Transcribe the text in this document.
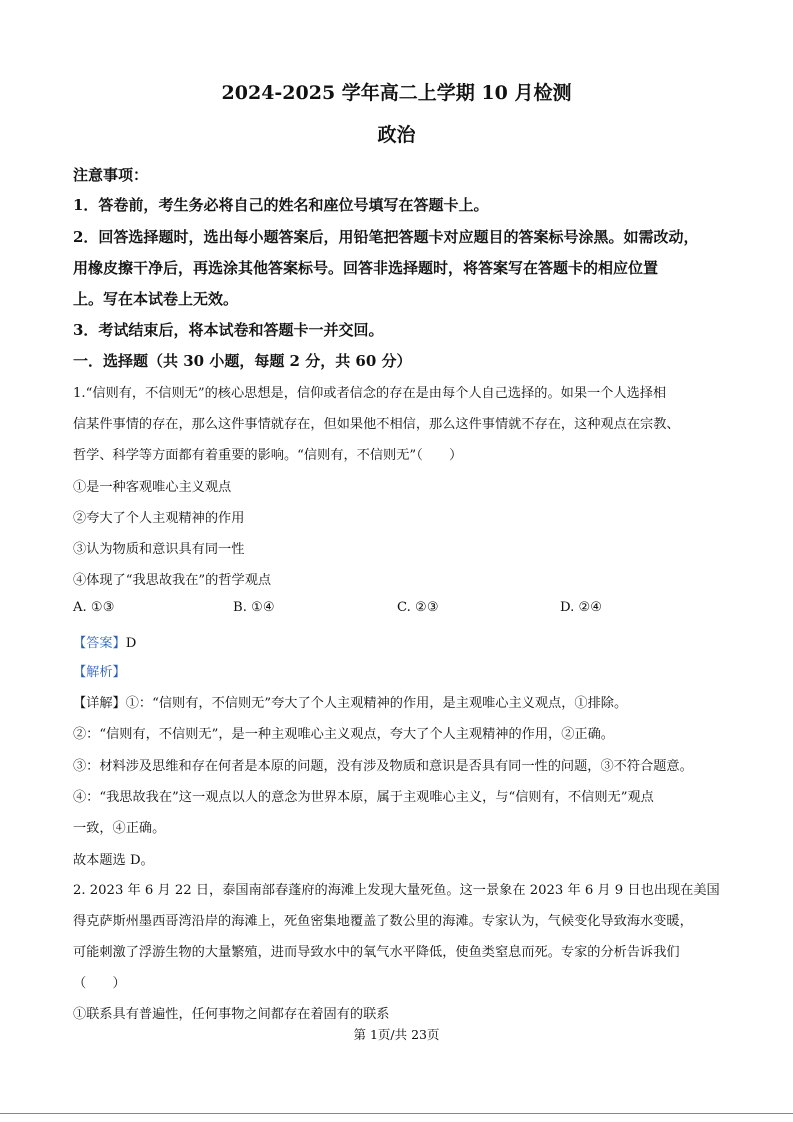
2024-2025 学年高二上学期 10 月检测
政治
注意事项：
1．答卷前，考生务必将自己的姓名和座位号填写在答题卡上。
2．回答选择题时，选出每小题答案后，用铅笔把答题卡对应题目的答案标号涂黑。如需改动，
用橡皮擦干净后，再选涂其他答案标号。回答非选择题时，将答案写在答题卡的相应位置
上。写在本试卷上无效。
3．考试结束后，将本试卷和答题卡一并交回。
一．选择题（共 30 小题，每题 2 分，共 60 分）
1.“信则有，不信则无”的核心思想是，信仰或者信念的存在是由每个人自己选择的。如果一个人选择相
信某件事情的存在，那么这件事情就存在，但如果他不相信，那么这件事情就不存在，这种观点在宗教、
哲学、科学等方面都有着重要的影响。“信则有，不信则无”（　　）
①是一种客观唯心主义观点
②夸大了个人主观精神的作用
③认为物质和意识具有同一性
④体现了“我思故我在”的哲学观点
A. ①③	B. ①④	C. ②③	D. ②④
【答案】D
【解析】
【详解】①：“信则有，不信则无”夸大了个人主观精神的作用，是主观唯心主义观点，①排除。
②：“信则有，不信则无”，是一种主观唯心主义观点，夸大了个人主观精神的作用，②正确。
③：材料涉及思维和存在何者是本原的问题，没有涉及物质和意识是否具有同一性的问题，③不符合题意。
④：“我思故我在”这一观点以人的意念为世界本原，属于主观唯心主义，与“信则有，不信则无”观点
一致，④正确。
故本题选 D。
2. 2023 年 6 月 22 日，泰国南部春蓬府的海滩上发现大量死鱼。这一景象在 2023 年 6 月 9 日也出现在美国
得克萨斯州墨西哥湾沿岸的海滩上，死鱼密集地覆盖了数公里的海滩。专家认为，气候变化导致海水变暖，
可能刺激了浮游生物的大量繁殖，进而导致水中的氧气水平降低，使鱼类窒息而死。专家的分析告诉我们
（　　）
①联系具有普遍性，任何事物之间都存在着固有的联系
第 1页/共 23页
